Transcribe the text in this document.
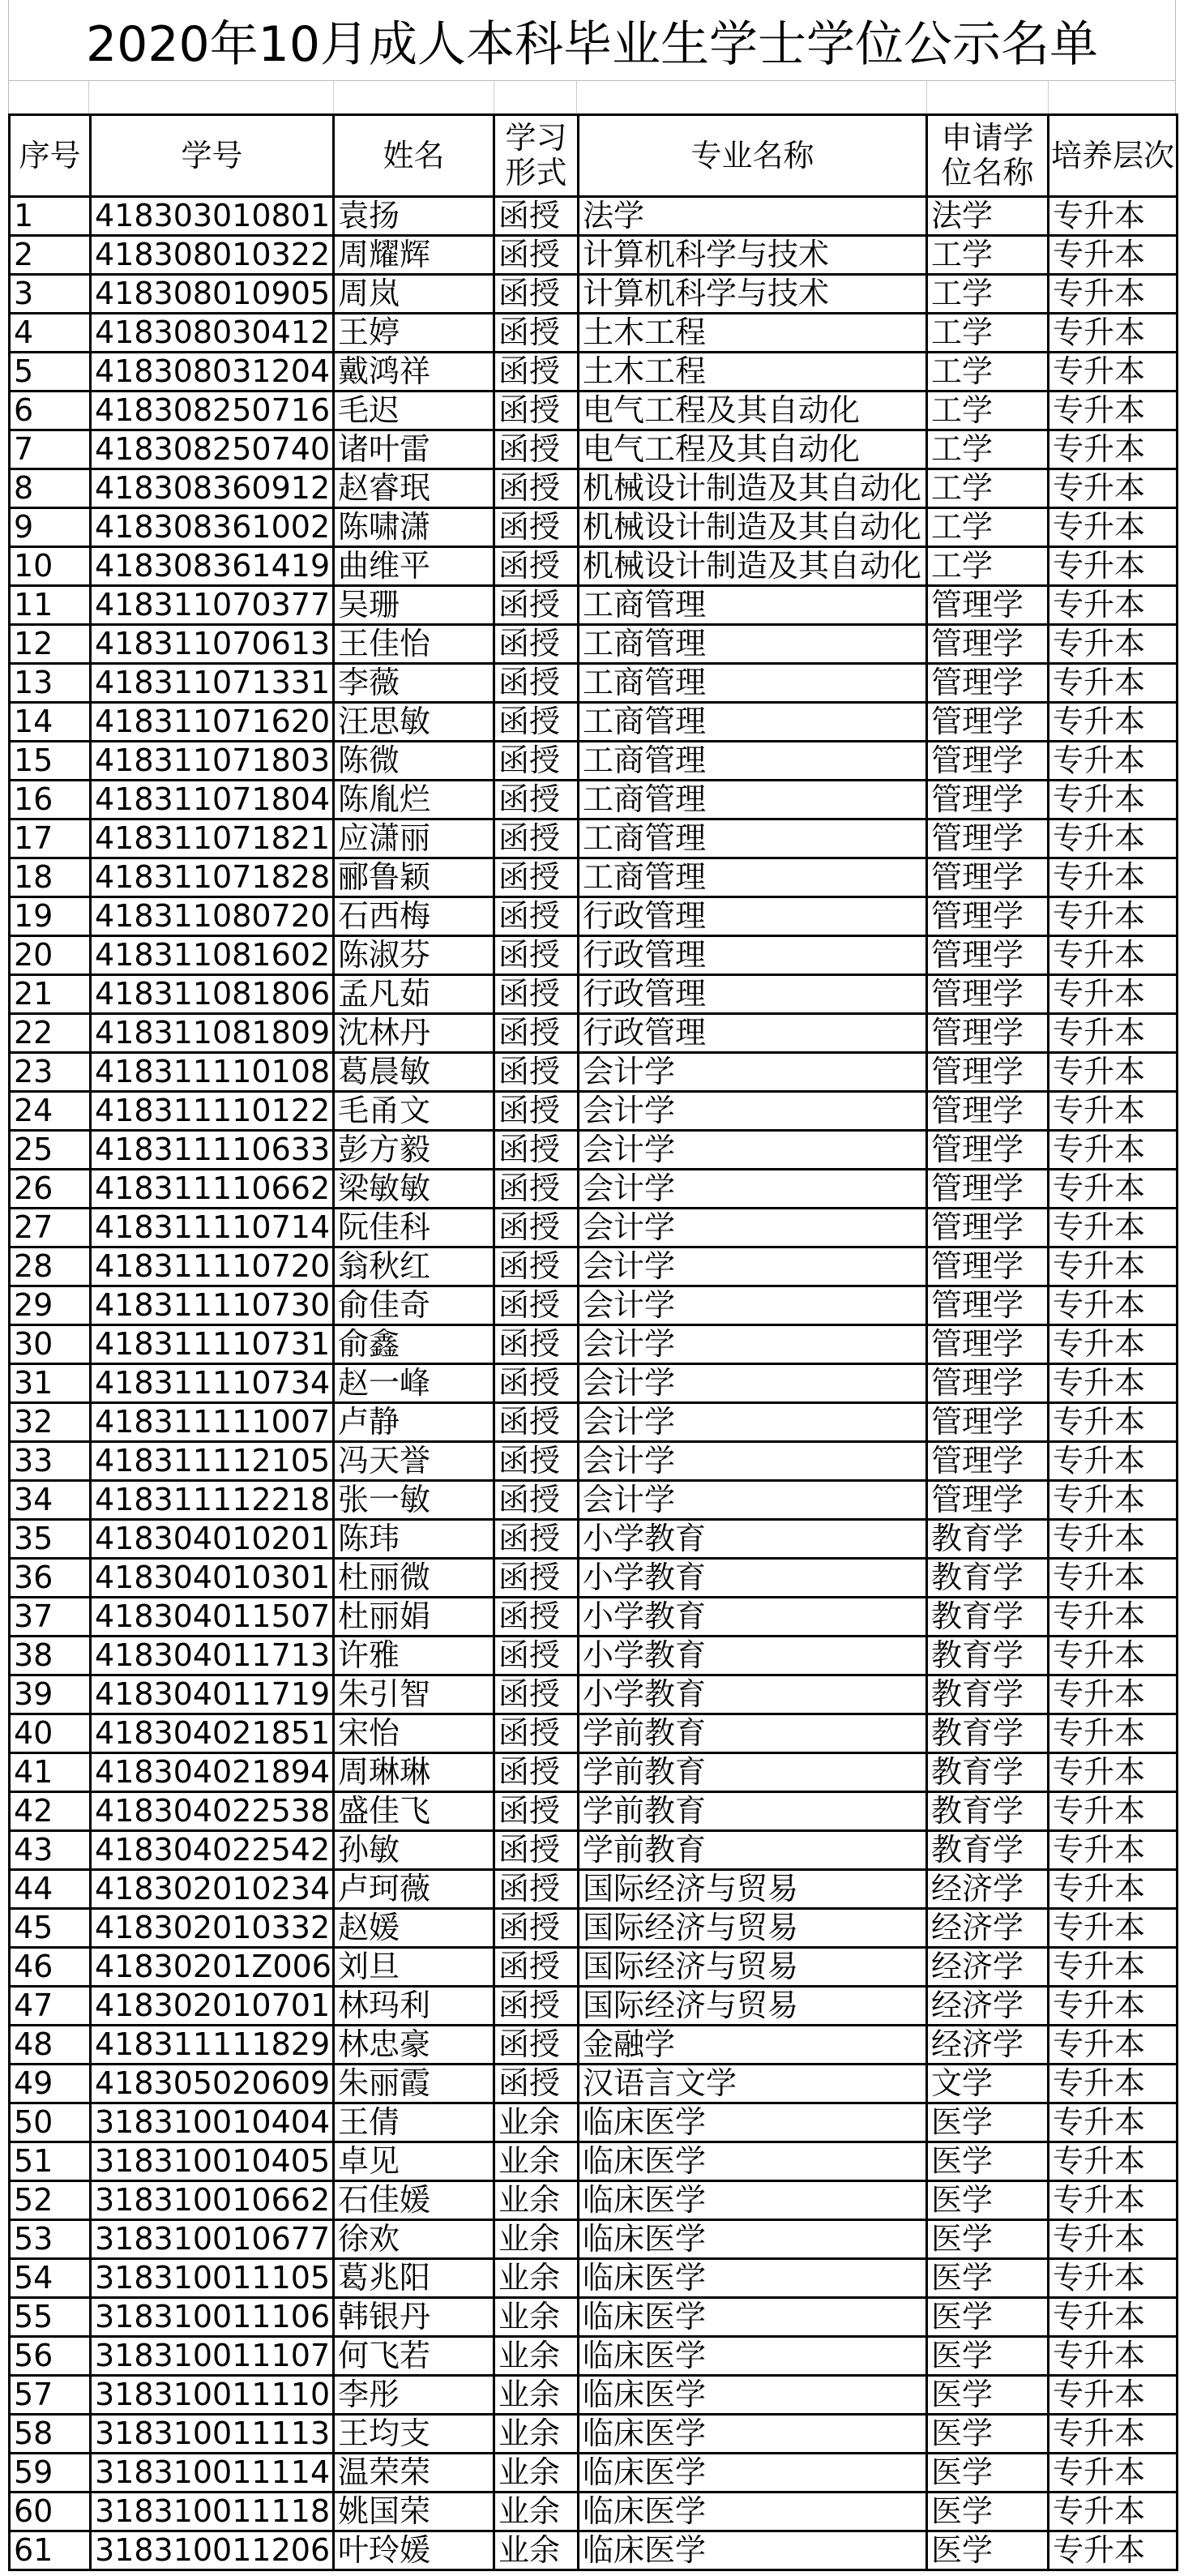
2020年10月成人本科毕业生学士学位公示名单
序号	学号	姓名	学习形式	专业名称	申请学位名称	培养层次
1	418303010801	袁扬	函授	法学	法学	专升本
2	418308010322	周耀辉	函授	计算机科学与技术	工学	专升本
3	418308010905	周岚	函授	计算机科学与技术	工学	专升本
4	418308030412	王婷	函授	土木工程	工学	专升本
5	418308031204	戴鸿祥	函授	土木工程	工学	专升本
6	418308250716	毛迟	函授	电气工程及其自动化	工学	专升本
7	418308250740	诸叶雷	函授	电气工程及其自动化	工学	专升本
8	418308360912	赵睿珉	函授	机械设计制造及其自动化	工学	专升本
9	418308361002	陈啸潇	函授	机械设计制造及其自动化	工学	专升本
10	418308361419	曲维平	函授	机械设计制造及其自动化	工学	专升本
11	418311070377	吴珊	函授	工商管理	管理学	专升本
12	418311070613	王佳怡	函授	工商管理	管理学	专升本
13	418311071331	李薇	函授	工商管理	管理学	专升本
14	418311071620	汪思敏	函授	工商管理	管理学	专升本
15	418311071803	陈微	函授	工商管理	管理学	专升本
16	418311071804	陈胤烂	函授	工商管理	管理学	专升本
17	418311071821	应潇丽	函授	工商管理	管理学	专升本
18	418311071828	郦鲁颖	函授	工商管理	管理学	专升本
19	418311080720	石西梅	函授	行政管理	管理学	专升本
20	418311081602	陈淑芬	函授	行政管理	管理学	专升本
21	418311081806	孟凡茹	函授	行政管理	管理学	专升本
22	418311081809	沈林丹	函授	行政管理	管理学	专升本
23	418311110108	葛晨敏	函授	会计学	管理学	专升本
24	418311110122	毛甬文	函授	会计学	管理学	专升本
25	418311110633	彭方毅	函授	会计学	管理学	专升本
26	418311110662	梁敏敏	函授	会计学	管理学	专升本
27	418311110714	阮佳科	函授	会计学	管理学	专升本
28	418311110720	翁秋红	函授	会计学	管理学	专升本
29	418311110730	俞佳奇	函授	会计学	管理学	专升本
30	418311110731	俞鑫	函授	会计学	管理学	专升本
31	418311110734	赵一峰	函授	会计学	管理学	专升本
32	418311111007	卢静	函授	会计学	管理学	专升本
33	418311112105	冯天誉	函授	会计学	管理学	专升本
34	418311112218	张一敏	函授	会计学	管理学	专升本
35	418304010201	陈玮	函授	小学教育	教育学	专升本
36	418304010301	杜丽微	函授	小学教育	教育学	专升本
37	418304011507	杜丽娟	函授	小学教育	教育学	专升本
38	418304011713	许雅	函授	小学教育	教育学	专升本
39	418304011719	朱引智	函授	小学教育	教育学	专升本
40	418304021851	宋怡	函授	学前教育	教育学	专升本
41	418304021894	周琳琳	函授	学前教育	教育学	专升本
42	418304022538	盛佳飞	函授	学前教育	教育学	专升本
43	418304022542	孙敏	函授	学前教育	教育学	专升本
44	418302010234	卢珂薇	函授	国际经济与贸易	经济学	专升本
45	418302010332	赵媛	函授	国际经济与贸易	经济学	专升本
46	41830201Z006	刘旦	函授	国际经济与贸易	经济学	专升本
47	418302010701	林玛利	函授	国际经济与贸易	经济学	专升本
48	418311111829	林忠豪	函授	金融学	经济学	专升本
49	418305020609	朱丽霞	函授	汉语言文学	文学	专升本
50	318310010404	王倩	业余	临床医学	医学	专升本
51	318310010405	卓见	业余	临床医学	医学	专升本
52	318310010662	石佳媛	业余	临床医学	医学	专升本
53	318310010677	徐欢	业余	临床医学	医学	专升本
54	318310011105	葛兆阳	业余	临床医学	医学	专升本
55	318310011106	韩银丹	业余	临床医学	医学	专升本
56	318310011107	何飞若	业余	临床医学	医学	专升本
57	318310011110	李彤	业余	临床医学	医学	专升本
58	318310011113	王均支	业余	临床医学	医学	专升本
59	318310011114	温荣荣	业余	临床医学	医学	专升本
60	318310011118	姚国荣	业余	临床医学	医学	专升本
61	318310011206	叶玲媛	业余	临床医学	医学	专升本
